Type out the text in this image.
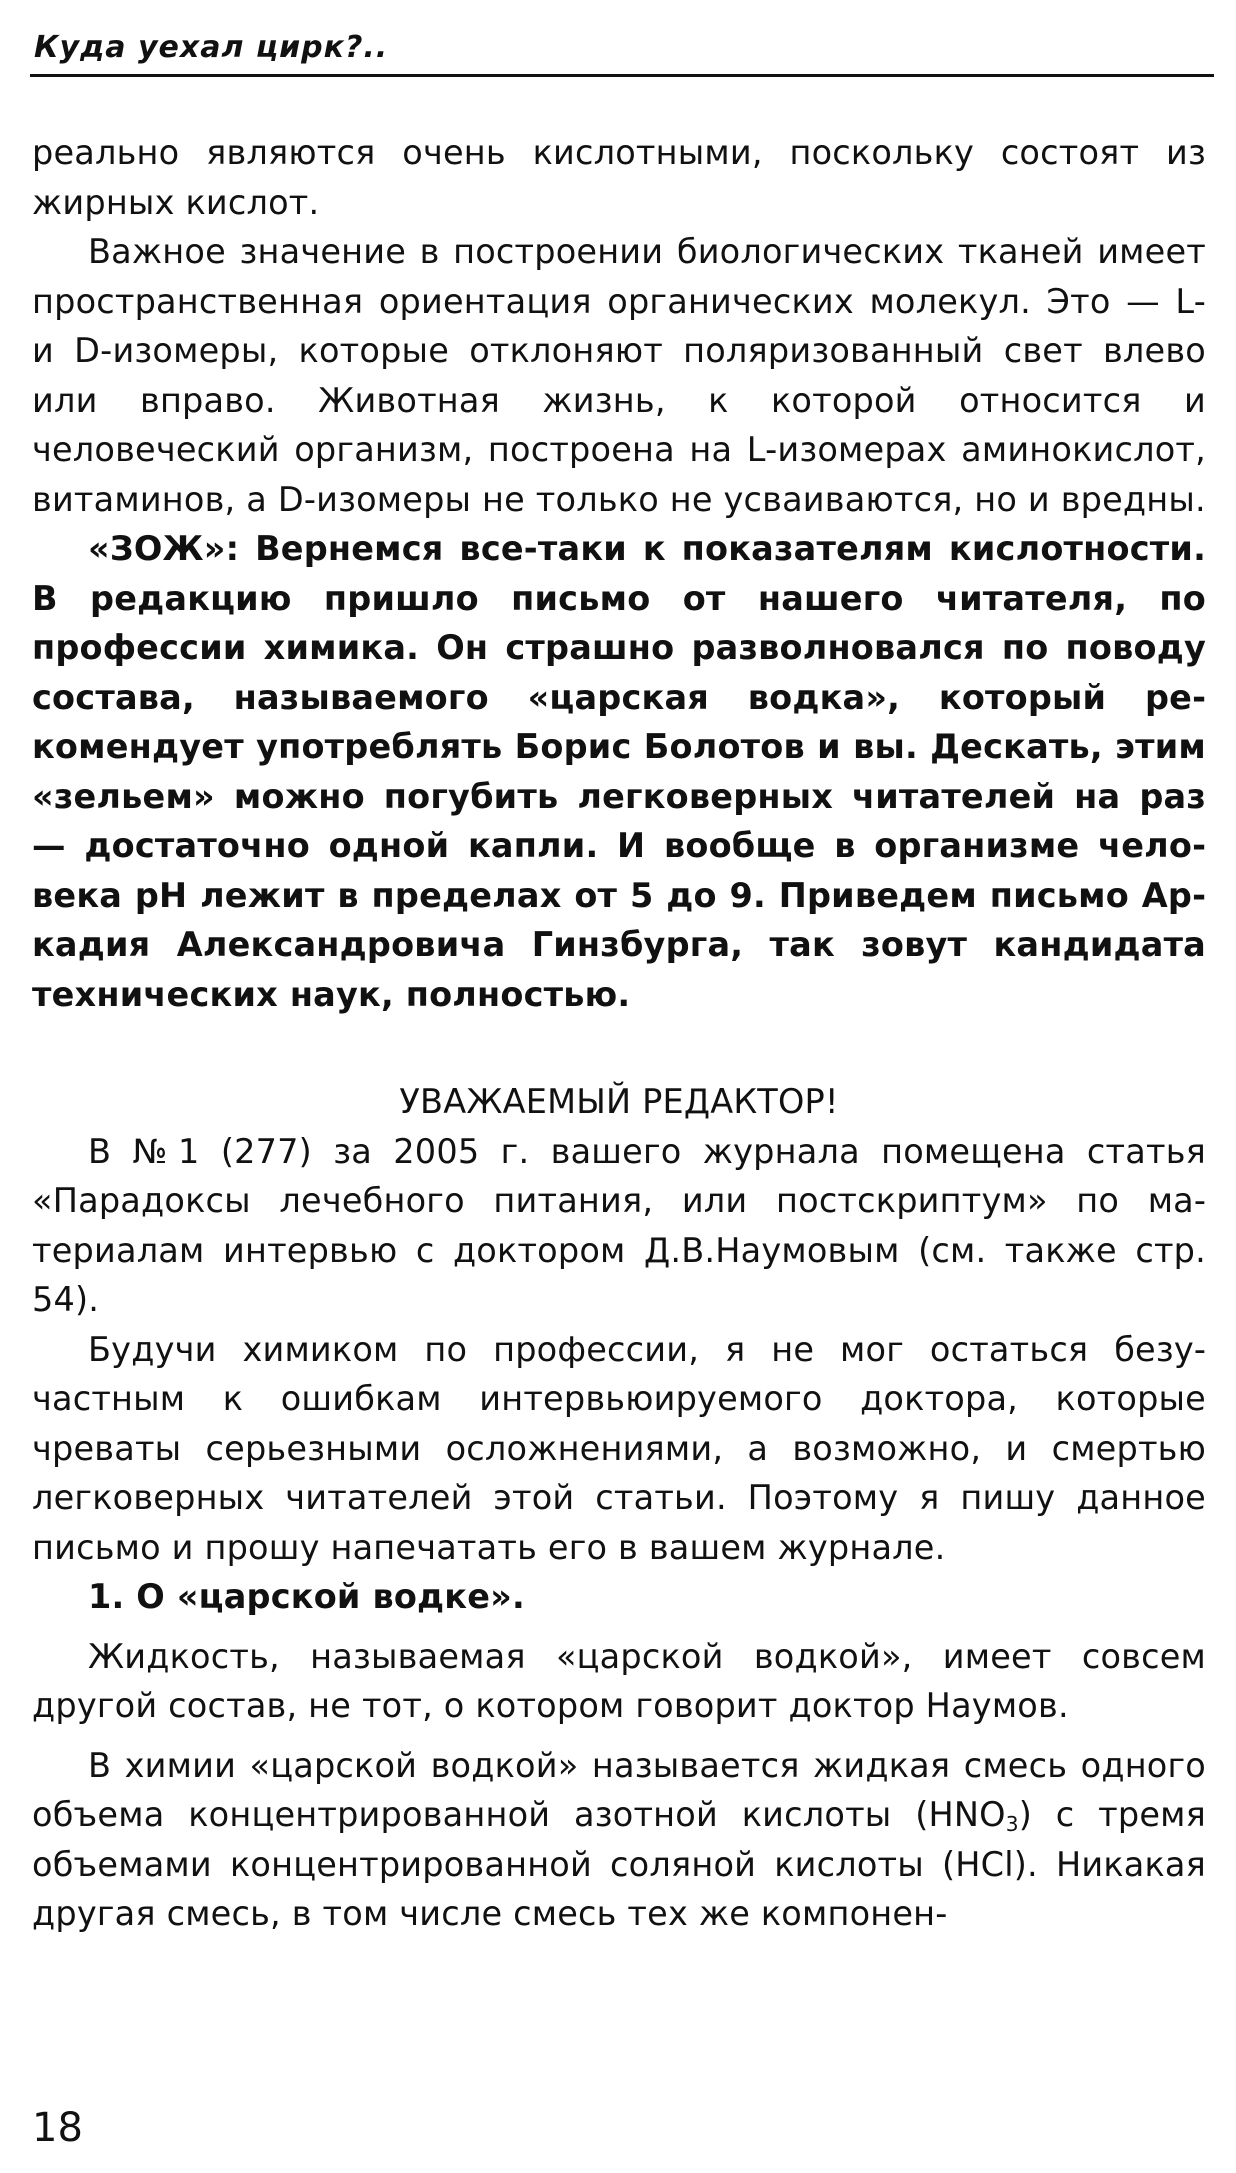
Куда уехал цирк?..

реально являются очень кислотными, поскольку состоят из жирных кислот.

Важное значение в построении биологических тканей имеет пространственная ориентация органических молекул. Это — L- и D-изомеры, которые отклоняют поляризованный свет влево или вправо. Животная жизнь, к которой относится и человеческий организм, построена на L-изомерах аминокислот, витаминов, а D-изомеры не только не усваиваются, но и вредны.

«ЗОЖ»: Вернемся все-таки к показателям кислотности. В редакцию пришло письмо от нашего читателя, по профессии химика. Он страшно разволновался по поводу состава, называемого «царская водка», который рекомендует употреблять Борис Болотов и вы. Дескать, этим «зельем» можно погубить легковерных читателей на раз — достаточно одной капли. И вообще в организме человека pH лежит в пределах от 5 до 9. Приведем письмо Аркадия Александровича Гинзбурга, так зовут кандидата технических наук, полностью.

УВАЖАЕМЫЙ РЕДАКТОР!

В №1 (277) за 2005 г. вашего журнала помещена статья «Парадоксы лечебного питания, или постскриптум» по материалам интервью с доктором Д.В.Наумовым (см. также стр. 54).

Будучи химиком по профессии, я не мог остаться безучастным к ошибкам интервьюируемого доктора, которые чреваты серьезными осложнениями, а возможно, и смертью легковерных читателей этой статьи. Поэтому я пишу данное письмо и прошу напечатать его в вашем журнале.

1. О «царской водке».

Жидкость, называемая «царской водкой», имеет совсем другой состав, не тот, о котором говорит доктор Наумов.

В химии «царской водкой» называется жидкая смесь одного объема концентрированной азотной кислоты $(HNO_3)$ с тремя объемами концентрированной соляной кислоты (HCl). Никакая другая смесь, в том числе смесь тех же компонен-

18
